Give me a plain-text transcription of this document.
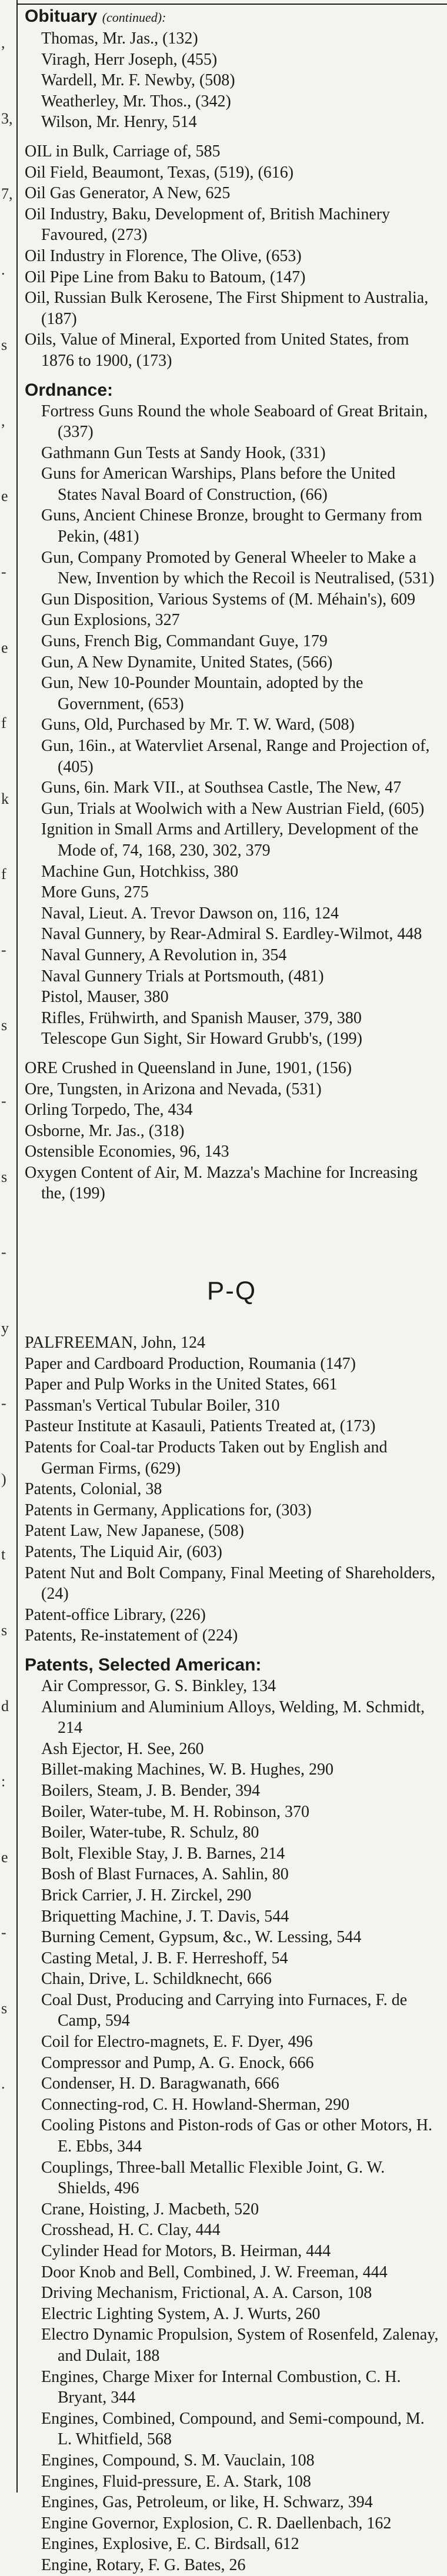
,
3,
7,
.
s
,
e
-
e
f
k
f
-
s
-
s
-
y
-
)
t
s
d
:
e
-
s
.
Obituary (continued):
Thomas, Mr. Jas., (132)
Viragh, Herr Joseph, (455)
Wardell, Mr. F. Newby, (508)
Weatherley, Mr. Thos., (342)
Wilson, Mr. Henry, 514
OIL in Bulk, Carriage of, 585
Oil Field, Beaumont, Texas, (519), (616)
Oil Gas Generator, A New, 625
Oil Industry, Baku, Development of, British Machinery Favoured, (273)
Oil Industry in Florence, The Olive, (653)
Oil Pipe Line from Baku to Batoum, (147)
Oil, Russian Bulk Kerosene, The First Shipment to Australia, (187)
Oils, Value of Mineral, Exported from United States, from 1876 to 1900, (173)
Ordnance:
Fortress Guns Round the whole Seaboard of Great Britain, (337)
Gathmann Gun Tests at Sandy Hook, (331)
Guns for American Warships, Plans before the United States Naval Board of Construction, (66)
Guns, Ancient Chinese Bronze, brought to Germany from Pekin, (481)
Gun, Company Promoted by General Wheeler to Make a New, Invention by which the Recoil is Neutralised, (531)
Gun Disposition, Various Systems of (M. Méhain's), 609
Gun Explosions, 327
Guns, French Big, Commandant Guye, 179
Gun, A New Dynamite, United States, (566)
Gun, New 10-Pounder Mountain, adopted by the Government, (653)
Guns, Old, Purchased by Mr. T. W. Ward, (508)
Gun, 16in., at Watervliet Arsenal, Range and Projection of, (405)
Guns, 6in. Mark VII., at Southsea Castle, The New, 47
Gun, Trials at Woolwich with a New Austrian Field, (605)
Ignition in Small Arms and Artillery, Development of the Mode of, 74, 168, 230, 302, 379
Machine Gun, Hotchkiss, 380
More Guns, 275
Naval, Lieut. A. Trevor Dawson on, 116, 124
Naval Gunnery, by Rear-Admiral S. Eardley-Wilmot, 448
Naval Gunnery, A Revolution in, 354
Naval Gunnery Trials at Portsmouth, (481)
Pistol, Mauser, 380
Rifles, Frühwirth, and Spanish Mauser, 379, 380
Telescope Gun Sight, Sir Howard Grubb's, (199)
ORE Crushed in Queensland in June, 1901, (156)
Ore, Tungsten, in Arizona and Nevada, (531)
Orling Torpedo, The, 434
Osborne, Mr. Jas., (318)
Ostensible Economies, 96, 143
Oxygen Content of Air, M. Mazza's Machine for Increasing the, (199)
P-Q
PALFREEMAN, John, 124
Paper and Cardboard Production, Roumania (147)
Paper and Pulp Works in the United States, 661
Passman's Vertical Tubular Boiler, 310
Pasteur Institute at Kasauli, Patients Treated at, (173)
Patents for Coal-tar Products Taken out by English and German Firms, (629)
Patents, Colonial, 38
Patents in Germany, Applications for, (303)
Patent Law, New Japanese, (508)
Patents, The Liquid Air, (603)
Patent Nut and Bolt Company, Final Meeting of Shareholders, (24)
Patent-office Library, (226)
Patents, Re-instatement of (224)
Patents, Selected American:
Air Compressor, G. S. Binkley, 134
Aluminium and Aluminium Alloys, Welding, M. Schmidt, 214
Ash Ejector, H. See, 260
Billet-making Machines, W. B. Hughes, 290
Boilers, Steam, J. B. Bender, 394
Boiler, Water-tube, M. H. Robinson, 370
Boiler, Water-tube, R. Schulz, 80
Bolt, Flexible Stay, J. B. Barnes, 214
Bosh of Blast Furnaces, A. Sahlin, 80
Brick Carrier, J. H. Zirckel, 290
Briquetting Machine, J. T. Davis, 544
Burning Cement, Gypsum, &c., W. Lessing, 544
Casting Metal, J. B. F. Herreshoff, 54
Chain, Drive, L. Schildknecht, 666
Coal Dust, Producing and Carrying into Furnaces, F. de Camp, 594
Coil for Electro-magnets, E. F. Dyer, 496
Compressor and Pump, A. G. Enock, 666
Condenser, H. D. Baragwanath, 666
Connecting-rod, C. H. Howland-Sherman, 290
Cooling Pistons and Piston-rods of Gas or other Motors, H. E. Ebbs, 344
Couplings, Three-ball Metallic Flexible Joint, G. W. Shields, 496
Crane, Hoisting, J. Macbeth, 520
Crosshead, H. C. Clay, 444
Cylinder Head for Motors, B. Heirman, 444
Door Knob and Bell, Combined, J. W. Freeman, 444
Driving Mechanism, Frictional, A. A. Carson, 108
Electric Lighting System, A. J. Wurts, 260
Electro Dynamic Propulsion, System of Rosenfeld, Zalenay, and Dulait, 188
Engines, Charge Mixer for Internal Combustion, C. H. Bryant, 344
Engines, Combined, Compound, and Semi-compound, M. L. Whitfield, 568
Engines, Compound, S. M. Vauclain, 108
Engines, Fluid-pressure, E. A. Stark, 108
Engines, Gas, Petroleum, or like, H. Schwarz, 394
Engine Governor, Explosion, C. R. Daellenbach, 162
Engines, Explosive, E. C. Birdsall, 612
Engine, Rotary, F. G. Bates, 26
